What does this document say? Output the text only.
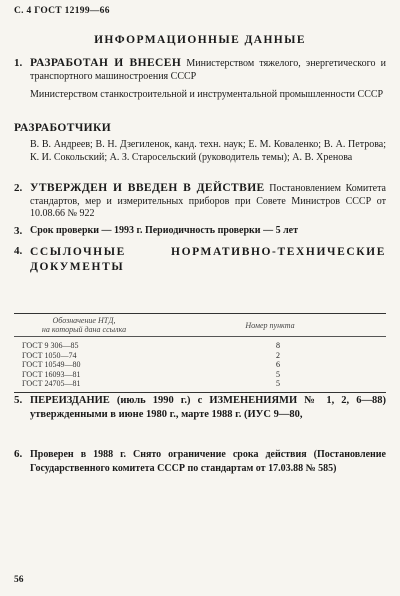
С. 4 ГОСТ 12199—66
ИНФОРМАЦИОННЫЕ ДАННЫЕ
1. РАЗРАБОТАН И ВНЕСЕН Министерством тяжелого, энергетического и транспортного машиностроения СССР
Министерством станкостроительной и инструментальной промышленности СССР
РАЗРАБОТЧИКИ
В. В. Андреев; В. Н. Дзегиленок, канд. техн. наук; Е. М. Коваленко; В. А. Петрова; К. И. Сокольский; А. З. Старосельский (руководитель темы); А. В. Хренова
2. УТВЕРЖДЕН И ВВЕДЕН В ДЕЙСТВИЕ Постановлением Комитета стандартов, мер и измерительных приборов при Совете Министров СССР от 10.08.66 № 922
3. Срок проверки — 1993 г. Периодичность проверки — 5 лет
4. ССЫЛОЧНЫЕ НОРМАТИВНО-ТЕХНИЧЕСКИЕ ДОКУМЕНТЫ
Обозначение НТД,
на который дана ссылка	Номер пункта
ГОСТ 9 306—85	8
ГОСТ 1050—74	2
ГОСТ 10549—80	6
ГОСТ 16093—81	5
ГОСТ 24705—81	5
5. ПЕРЕИЗДАНИЕ (июль 1990 г.) с ИЗМЕНЕНИЯМИ № 1, 2, 6—88) утвержденными в июне 1980 г., марте 1988 г. (ИУС 9—80,
6. Проверен в 1988 г. Снято ограничение срока действия (Постановление Государственного комитета СССР по стандартам от 17.03.88 № 585)
56
